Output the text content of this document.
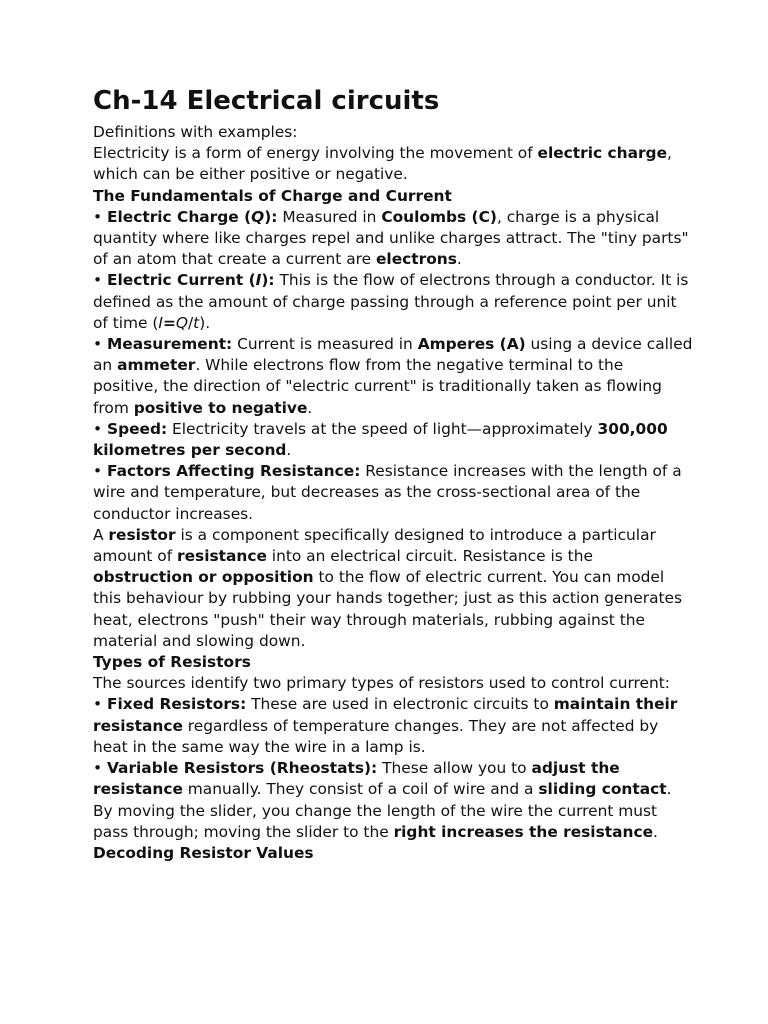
Ch-14 Electrical circuits

Definitions with examples:

Electricity is a form of energy involving the movement of electric charge, which can be either positive or negative.

The Fundamentals of Charge and Current

• Electric Charge (Q): Measured in Coulombs (C), charge is a physical quantity where like charges repel and unlike charges attract. The "tiny parts" of an atom that create a current are electrons.

• Electric Current (I): This is the flow of electrons through a conductor. It is defined as the amount of charge passing through a reference point per unit of time (I=Q/t).

• Measurement: Current is measured in Amperes (A) using a device called an ammeter. While electrons flow from the negative terminal to the positive, the direction of "electric current" is traditionally taken as flowing from positive to negative.

• Speed: Electricity travels at the speed of light—approximately 300,000 kilometres per second.

• Factors Affecting Resistance: Resistance increases with the length of a wire and temperature, but decreases as the cross-sectional area of the conductor increases.

A resistor is a component specifically designed to introduce a particular amount of resistance into an electrical circuit. Resistance is the obstruction or opposition to the flow of electric current. You can model this behaviour by rubbing your hands together; just as this action generates heat, electrons "push" their way through materials, rubbing against the material and slowing down.

Types of Resistors

The sources identify two primary types of resistors used to control current:

• Fixed Resistors: These are used in electronic circuits to maintain their resistance regardless of temperature changes. They are not affected by heat in the same way the wire in a lamp is.

• Variable Resistors (Rheostats): These allow you to adjust the resistance manually. They consist of a coil of wire and a sliding contact. By moving the slider, you change the length of the wire the current must pass through; moving the slider to the right increases the resistance.

Decoding Resistor Values
